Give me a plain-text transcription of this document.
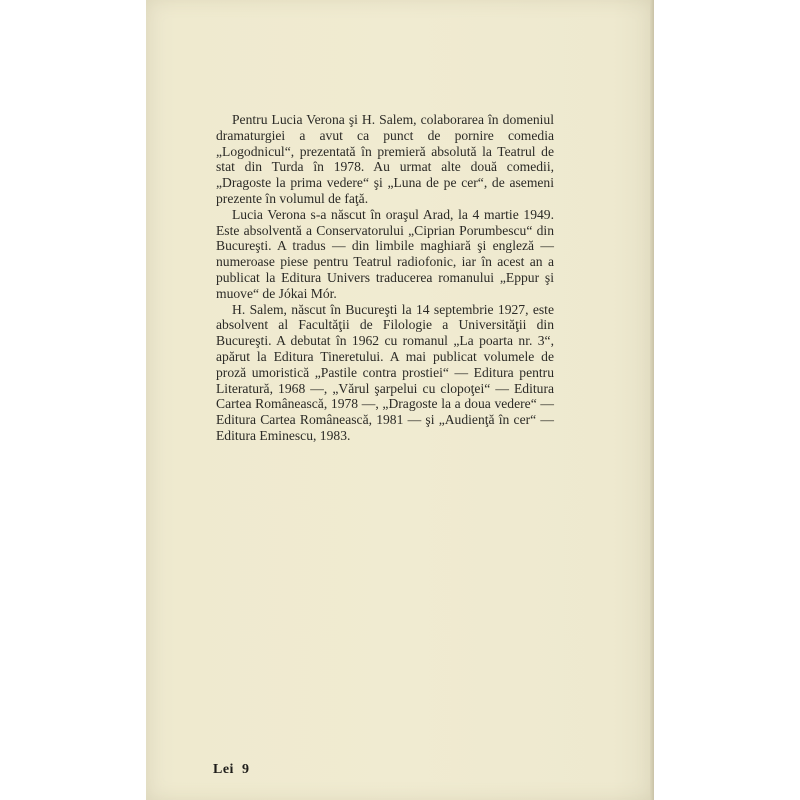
Pentru Lucia Verona şi H. Salem, colaborarea în domeniul dramaturgiei a avut ca punct de pornire comedia „Logodnicul“, prezentată în premieră absolută la Teatrul de stat din Turda în 1978. Au urmat alte două comedii, „Dragoste la prima vedere“ şi „Luna de pe cer“, de asemeni prezente în volumul de faţă.

Lucia Verona s-a născut în oraşul Arad, la 4 martie 1949. Este absolventă a Conservatorului „Ciprian Porumbescu“ din Bucureşti. A tradus — din limbile maghiară şi engleză — numeroase piese pentru Teatrul radiofonic, iar în acest an a publicat la Editura Univers traducerea romanului „Eppur şi muove“ de Jókai Mór.

H. Salem, născut în Bucureşti la 14 septembrie 1927, este absolvent al Facultăţii de Filologie a Universităţii din Bucureşti. A debutat în 1962 cu romanul „La poarta nr. 3“, apărut la Editura Tineretului. A mai publicat volumele de proză umoristică „Pastile contra prostiei“ — Editura pentru Literatură, 1968 —, „Vărul şarpelui cu clopoţei“ — Editura Cartea Românească, 1978 —, „Dragoste la a doua vedere“ — Editura Cartea Românească, 1981 — şi „Audienţă în cer“ — Editura Eminescu, 1983.

Lei  9
